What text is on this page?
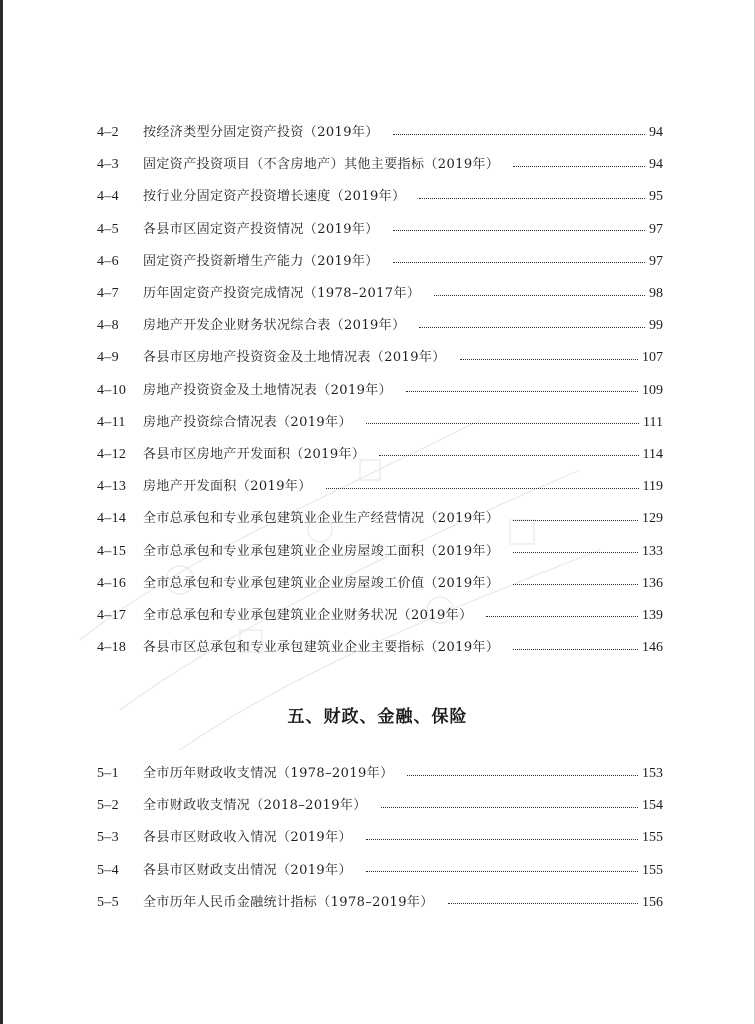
4–2	按经济类型分固定资产投资（2019年）	94
4–3	固定资产投资项目（不含房地产）其他主要指标（2019年）	94
4–4	按行业分固定资产投资增长速度（2019年）	95
4–5	各县市区固定资产投资情况（2019年）	97
4–6	固定资产投资新增生产能力（2019年）	97
4–7	历年固定资产投资完成情况（1978–2017年）	98
4–8	房地产开发企业财务状况综合表（2019年）	99
4–9	各县市区房地产投资资金及土地情况表（2019年）	107
4–10	房地产投资资金及土地情况表（2019年）	109
4–11	房地产投资综合情况表（2019年）	111
4–12	各县市区房地产开发面积（2019年）	114
4–13	房地产开发面积（2019年）	119
4–14	全市总承包和专业承包建筑业企业生产经营情况（2019年）	129
4–15	全市总承包和专业承包建筑业企业房屋竣工面积（2019年）	133
4–16	全市总承包和专业承包建筑业企业房屋竣工价值（2019年）	136
4–17	全市总承包和专业承包建筑业企业财务状况（2019年）	139
4–18	各县市区总承包和专业承包建筑业企业主要指标（2019年）	146
五、财政、金融、保险
5–1	全市历年财政收支情况（1978–2019年）	153
5–2	全市财政收支情况（2018–2019年）	154
5–3	各县市区财政收入情况（2019年）	155
5–4	各县市区财政支出情况（2019年）	155
5–5	全市历年人民币金融统计指标（1978–2019年）	156
